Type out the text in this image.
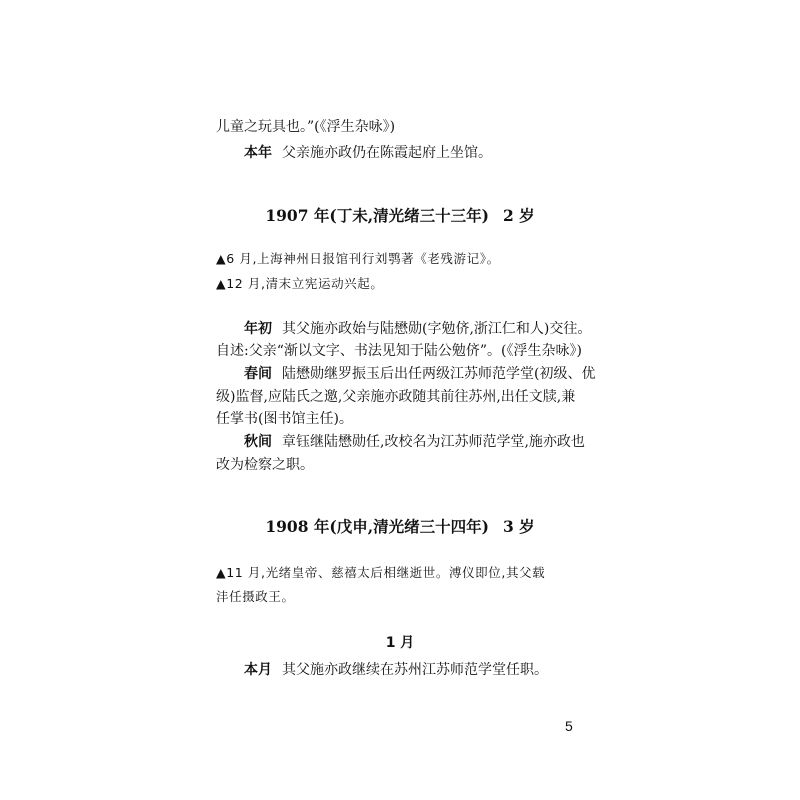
儿童之玩具也。”(《浮生杂咏》)
本年 父亲施亦政仍在陈霞起府上坐馆。
1907 年(丁未,清光绪三十三年) 2 岁
▲6 月,上海神州日报馆刊行刘鹗著《老残游记》。
▲12 月,清末立宪运动兴起。
年初 其父施亦政始与陆懋勋(字勉侪,浙江仁和人)交往。
自述:父亲“渐以文字、书法见知于陆公勉侪”。(《浮生杂咏》)
春间 陆懋勋继罗振玉后出任两级江苏师范学堂(初级、优
级)监督,应陆氏之邀,父亲施亦政随其前往苏州,出任文牍,兼
任掌书(图书馆主任)。
秋间 章钰继陆懋勋任,改校名为江苏师范学堂,施亦政也
改为检察之职。
1908 年(戊申,清光绪三十四年) 3 岁
▲11 月,光绪皇帝、慈禧太后相继逝世。溥仪即位,其父载
沣任摄政王。
1 月
本月 其父施亦政继续在苏州江苏师范学堂任职。
5
